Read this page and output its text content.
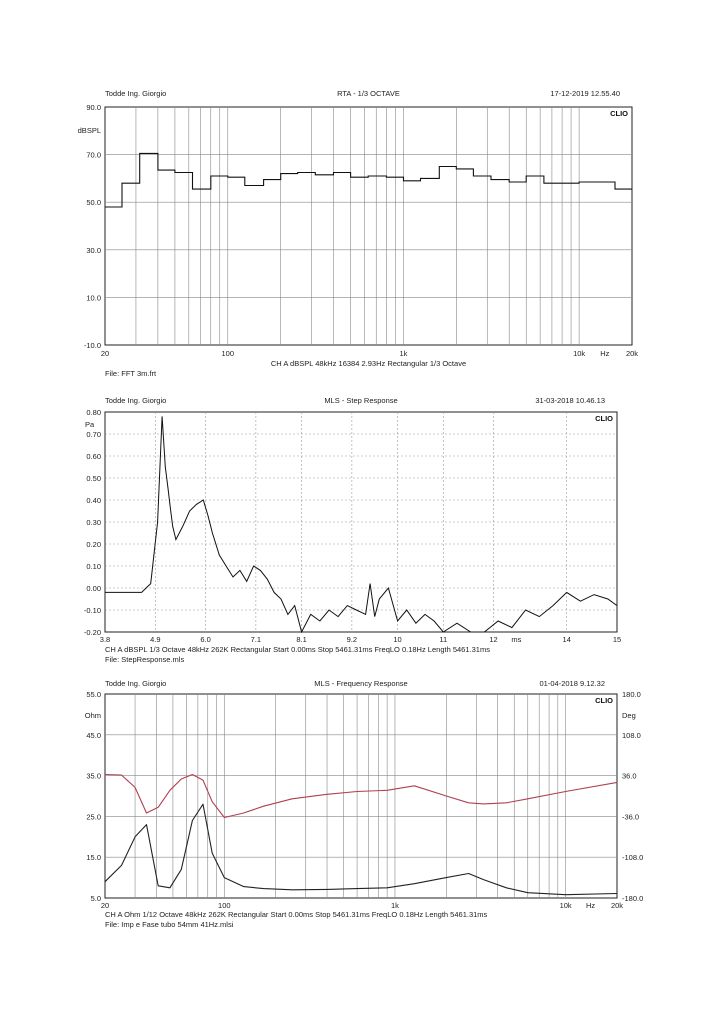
Todde Ing. Giorgio	RTA - 1/3 OCTAVE	17-12-2019 12.55.40
CLIO
90.0
70.0
50.0
30.0
10.0
-10.0
dBSPL
20	100	1k	10k	20k
Hz
CH A dBSPL 48kHz 16384 2.93Hz Rectangular 1/3 Octave
File: FFT 3m.frt
Todde Ing. Giorgio	MLS - Step Response	31-03-2018 10.46.13
CLIO
3.8	4.9	6.0	7.1	8.1	9.2	10	11	12	14	15
ms
0.80
0.70
0.60
0.50
0.40
0.30
0.20
0.10
0.00
-0.10
-0.20
Pa
CH A dBSPL 1/3 Octave 48kHz 262K Rectangular Start 0.00ms Stop 5461.31ms FreqLO 0.18Hz Length 5461.31ms
File: StepResponse.mls
Todde Ing. Giorgio	MLS - Frequency Response	01-04-2018 9.12.32
CLIO
55.0
45.0
35.0
25.0
15.0
5.0
180.0
108.0
36.0
-36.0
-108.0
-180.0
Ohm	Deg
20	100	1k	10k	20k
Hz
CH A Ohm 1/12 Octave 48kHz 262K Rectangular Start 0.00ms Stop 5461.31ms FreqLO 0.18Hz Length 5461.31ms
File: Imp e Fase tubo 54mm 41Hz.mlsi
